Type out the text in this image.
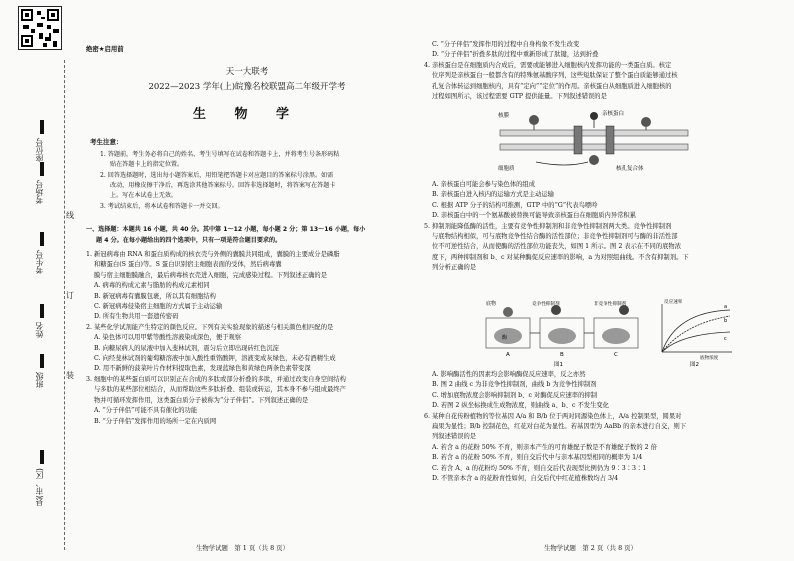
座位号
考场号
考生号
姓名
班级
县(市、区)
线
订
装
绝密★启用前
天一大联考
2022—2023 学年(上)皖豫名校联盟高二年级开学考
生 物 学
考生注意：
1. 答题前，考生务必将自己的姓名、考生号填写在试卷和答题卡上，并将考生号条形码粘
贴在答题卡上的指定位置。
2. 回答选择题时，选出每小题答案后，用铅笔把答题卡对应题目的答案标号涂黑。如需
改动，用橡皮擦干净后，再选涂其他答案标号。回答非选择题时，将答案写在答题卡
上。写在本试卷上无效。
3. 考试结束后，将本试卷和答题卡一并交回。
一、选择题：本题共 16 小题，共 40 分。其中第 1～12 小题，每小题 2 分；第 13～16 小题，每小
题 4 分。在每小题给出的四个选项中，只有一项是符合题目要求的。

1. 新冠病毒由 RNA 和蛋白质构成的核衣壳与外侧的囊膜共同组成，囊膜的主要成分是磷脂

和糖蛋白(S 蛋白)等。S 蛋白识别宿主细胞表面的受体，然后病毒囊

膜与宿主细胞膜融合，最后病毒核衣壳进入细胞，完成感染过程。下列叙述正确的是

A. 病毒的构成元素与脂肪的构成元素相同

B. 新冠病毒有囊膜包裹，所以其有细胞结构

C. 新冠病毒侵染宿主细胞的方式属于主动运输

D. 所有生物共用一套遗传密码

2. 某些化学试剂能产生特定的颜色反应。下列有关实验现象的描述与相关颜色相匹配的是

A. 染色体可以用甲紫等酸性溶液染成深色，便于观察

B. 向糖尿病人的尿液中加入斐林试剂，震匀后立即出现砖红色沉淀

C. 向经斐林试剂的葡萄糖溶液中加入酸性重铬酸钾，溶液变成灰绿色，未必有酒精生成

D. 用不新鲜的菠菜叶片作材料提取色素，发现蓝绿色和黄绿色两条色素带变深

3. 细胞中的某些蛋白质可以识别正在合成的多肽或部分折叠的多肽，并通过改变自身空间结构

与多肽的某些部位相结合，从而帮助这些多肽折叠、组装或转运，其本身不参与组成最终产

物并可循环发挥作用，这类蛋白质分子被称为“分子伴侣”。下列叙述正确的是

A. “分子伴侣”可能不具有催化的功能

B. “分子伴侣”发挥作用的场所一定在内质网

C. “分子伴侣”发挥作用的过程中自身构象不发生改变

D. “分子伴侣”折叠多肽的过程中重新形成了肽键，达到折叠

4. 亲核蛋白是在细胞质内合成后，需要或能够进入细胞核内发挥功能的一类蛋白质。核定

位序列是亲核蛋白一般都含有的特殊氨基酸序列，这些短肽保证了整个蛋白质能够通过核

孔复合体转运到细胞核内，具有“定向”“定位”的作用。亲核蛋白从细胞质进入细胞核的

过程如图所示，该过程需要 GTP 提供能量。下列叙述错误的是

核膜
细胞质	核孔复合体
亲核蛋白

A. 亲核蛋白可能会参与染色体的组成

B. 亲核蛋白进入核内的运输方式是主动运输

C. 根据 ATP 分子的结构可推测，GTP 中的“G”代表鸟嘌呤

D. 亲核蛋白中的一个氨基酸被替换可能导致亲核蛋白在细胞质内异常积累

5. 抑制剂能降低酶的活性，主要有竞争性抑制剂和非竞争性抑制剂两大类。竞争性抑制剂

与底物结构相似，可与底物竞争性结合酶的活性部位；非竞争性抑制剂可与酶的非活性部

位不可逆性结合，从而使酶的活性部位功能丧失，如图 1 所示。图 2 表示在不同的底物浓

度下，两种抑制剂和 b、c 对某种酶促反应速率的影响，a 为对照组曲线。不含有抑制剂。下

列分析正确的是

A	B	C
酶
底物	竞争性抑制剂	非竞争性抑制剂
图1
a
b
c
反应速率
底物浓度
图2

A. 影响酶活性的因素均会影响酶促反应速率，反之亦然

B. 图 2 曲线 c 为非竞争性抑制剂，曲线 b 为竞争性抑制剂

C. 增加底物浓度会影响抑制剂 b、c 对酶促反应速率的抑制

D. 若图 2 纵坐标换成生成物浓度，则曲线 a、b、c 不发生变化

6. 某种自花传粉植物的等位基因 A/a 和 B/b 位于两对同源染色体上，A/a 控制果型，圆果对

扁果为显性；B/b 控制花色，红花对白花为显性。若基因型为 AaBb 的亲本进行自交，则下

列叙述错误的是

A. 若含 a 的花粉 50% 不育，则亲本产生的可育雄配子数是不育雄配子数的 2 倍

B. 若含 a 的花粉 50% 不育，则自交后代中与亲本基因型相同的概率为 1/4

C. 若含 A、a 的花粉均 50% 不育，则自交后代表现型比例仍为 9∶3∶3∶1

D. 不管亲本含 a 的花粉育性如何，自交后代中红花植株数均占 3/4

生物学试题　第 1 页（共 8 页）	生物学试题　第 2 页（共 8 页）
